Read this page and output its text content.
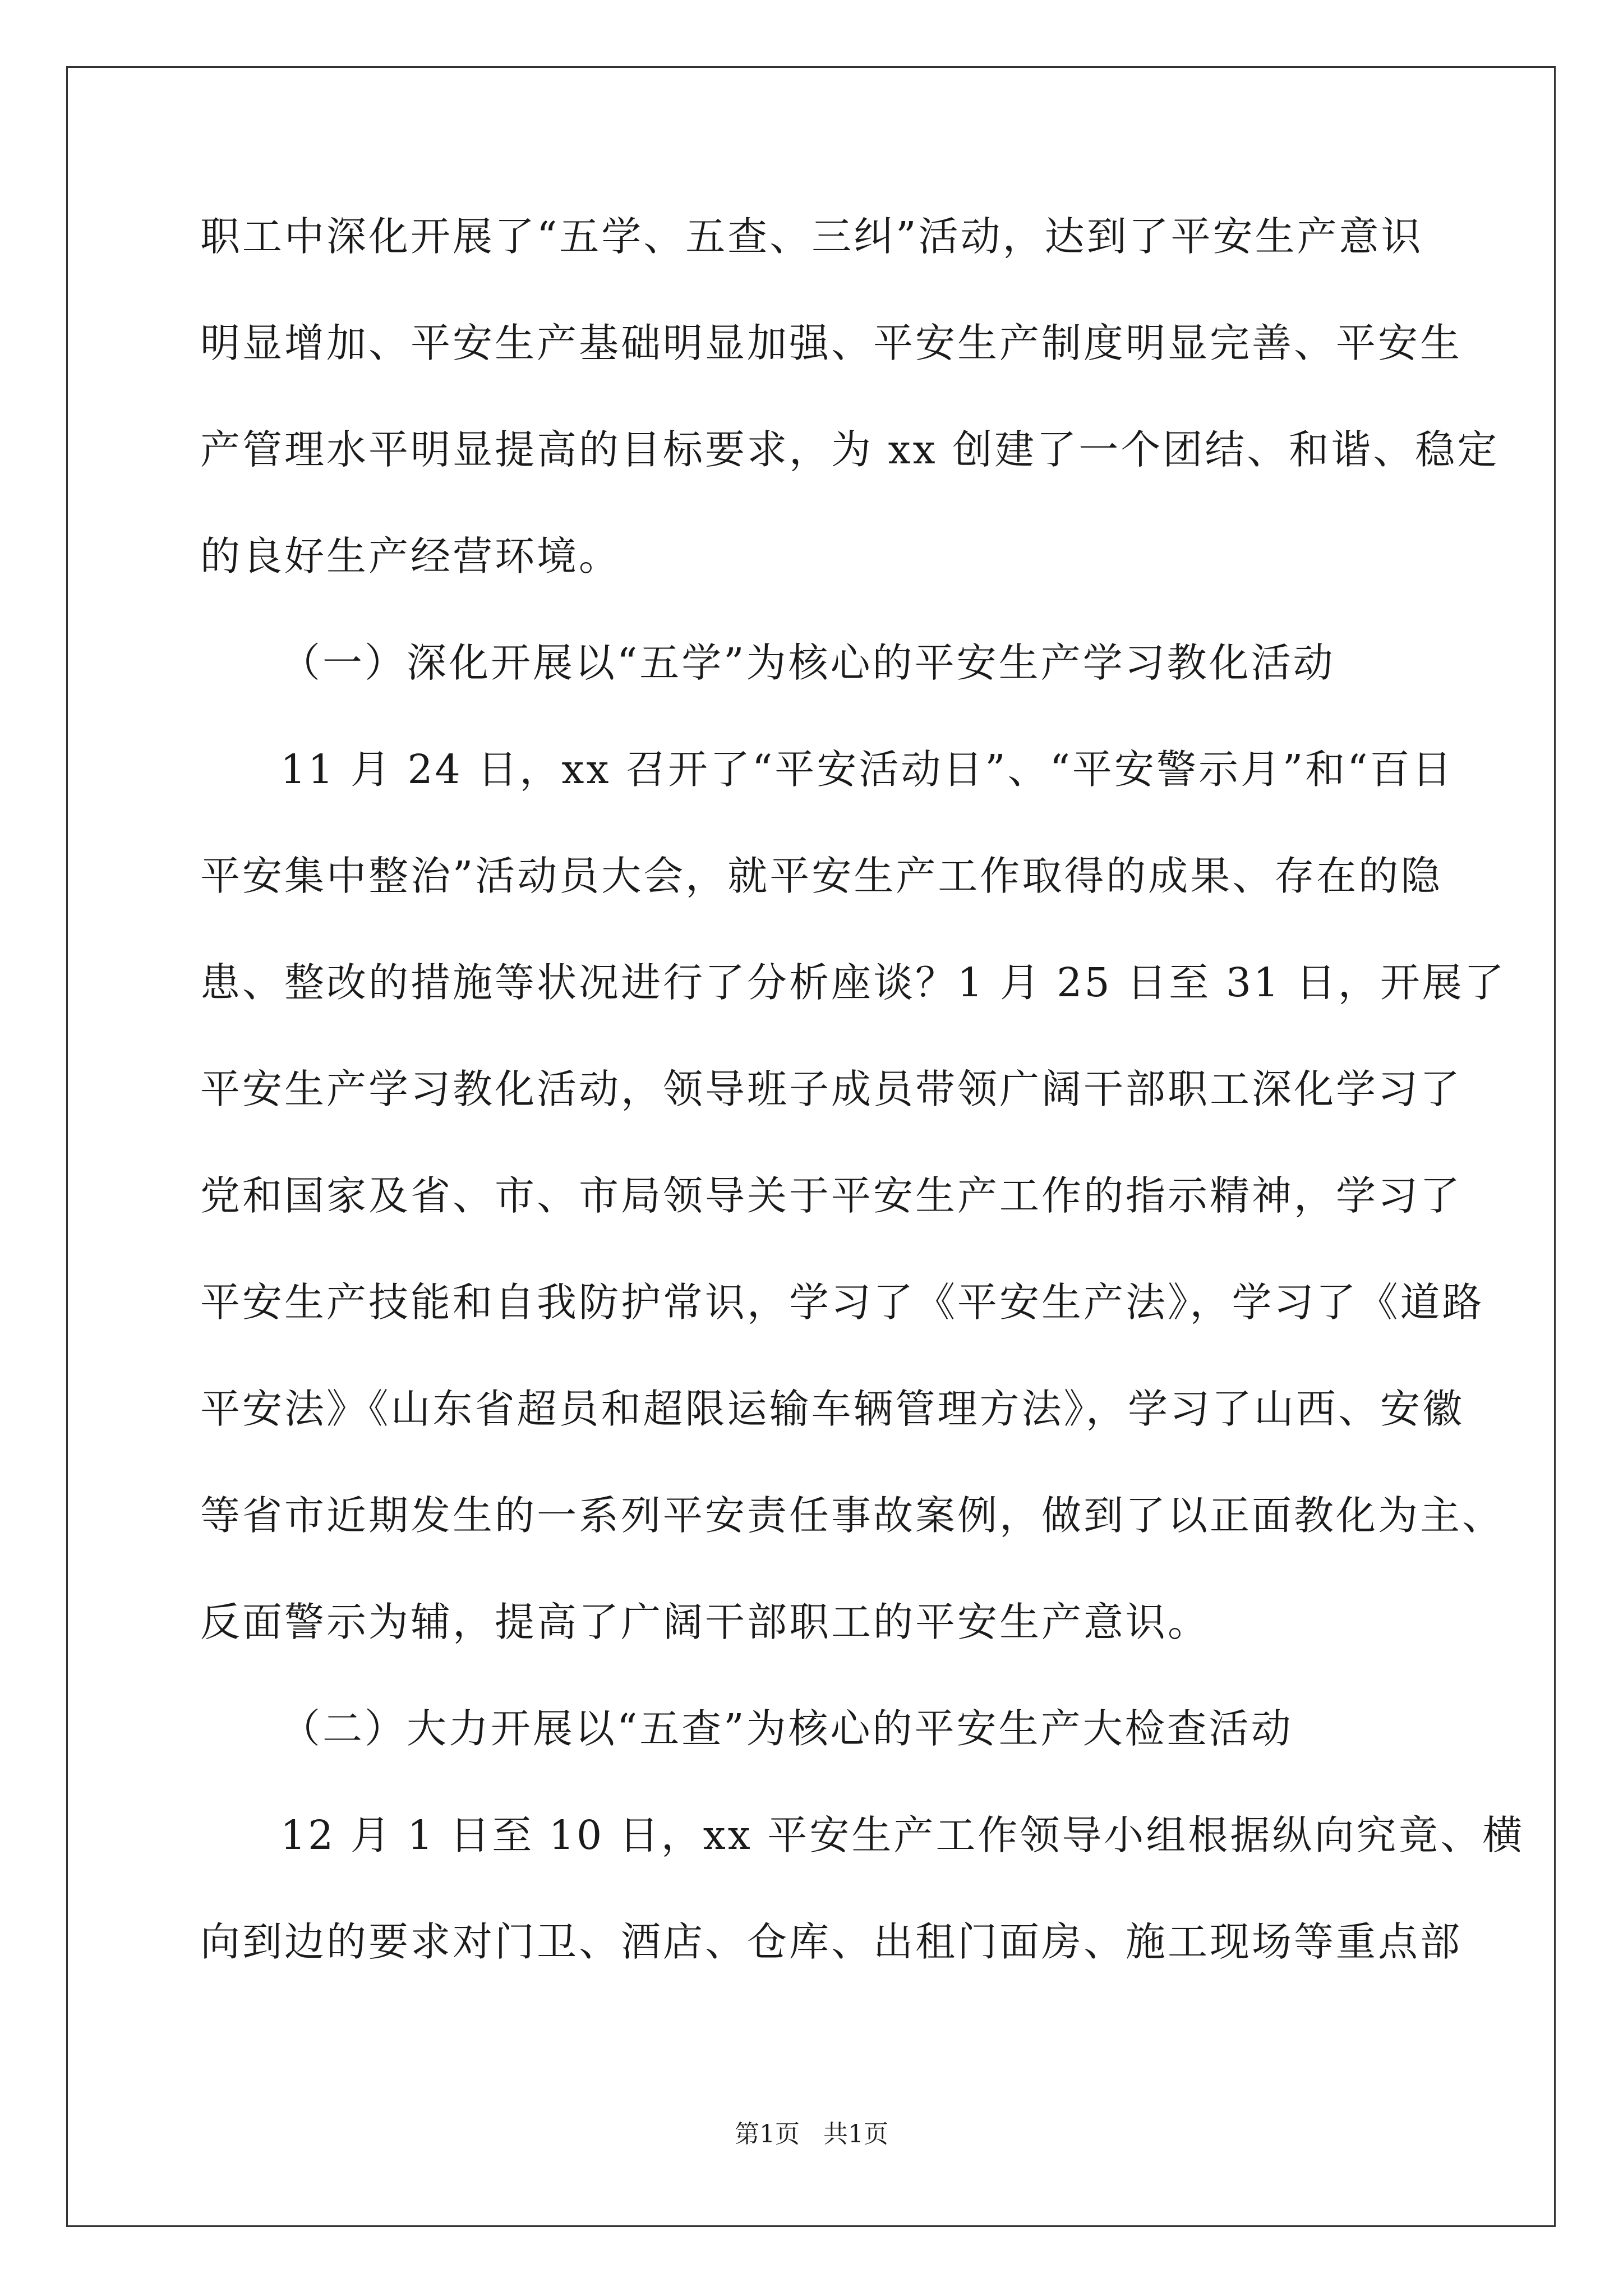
职工中深化开展了“五学、五查、三纠”活动，达到了平安生产意识
明显增加、平安生产基础明显加强、平安生产制度明显完善、平安生
产管理水平明显提高的目标要求，为 xx 创建了一个团结、和谐、稳定
的良好生产经营环境。
（一）深化开展以“五学”为核心的平安生产学习教化活动
11 月 24 日，xx 召开了“平安活动日”、“平安警示月”和“百日
平安集中整治”活动员大会，就平安生产工作取得的成果、存在的隐
患、整改的措施等状况进行了分析座谈？1 月 25 日至 31 日，开展了
平安生产学习教化活动，领导班子成员带领广阔干部职工深化学习了
党和国家及省、市、市局领导关于平安生产工作的指示精神，学习了
平安生产技能和自我防护常识，学习了《平安生产法》，学习了《道路
平安法》《山东省超员和超限运输车辆管理方法》，学习了山西、安徽
等省市近期发生的一系列平安责任事故案例，做到了以正面教化为主、
反面警示为辅，提高了广阔干部职工的平安生产意识。
（二）大力开展以“五查”为核心的平安生产大检查活动
12 月 1 日至 10 日，xx 平安生产工作领导小组根据纵向究竟、横
向到边的要求对门卫、酒店、仓库、出租门面房、施工现场等重点部
第1页   共1页
